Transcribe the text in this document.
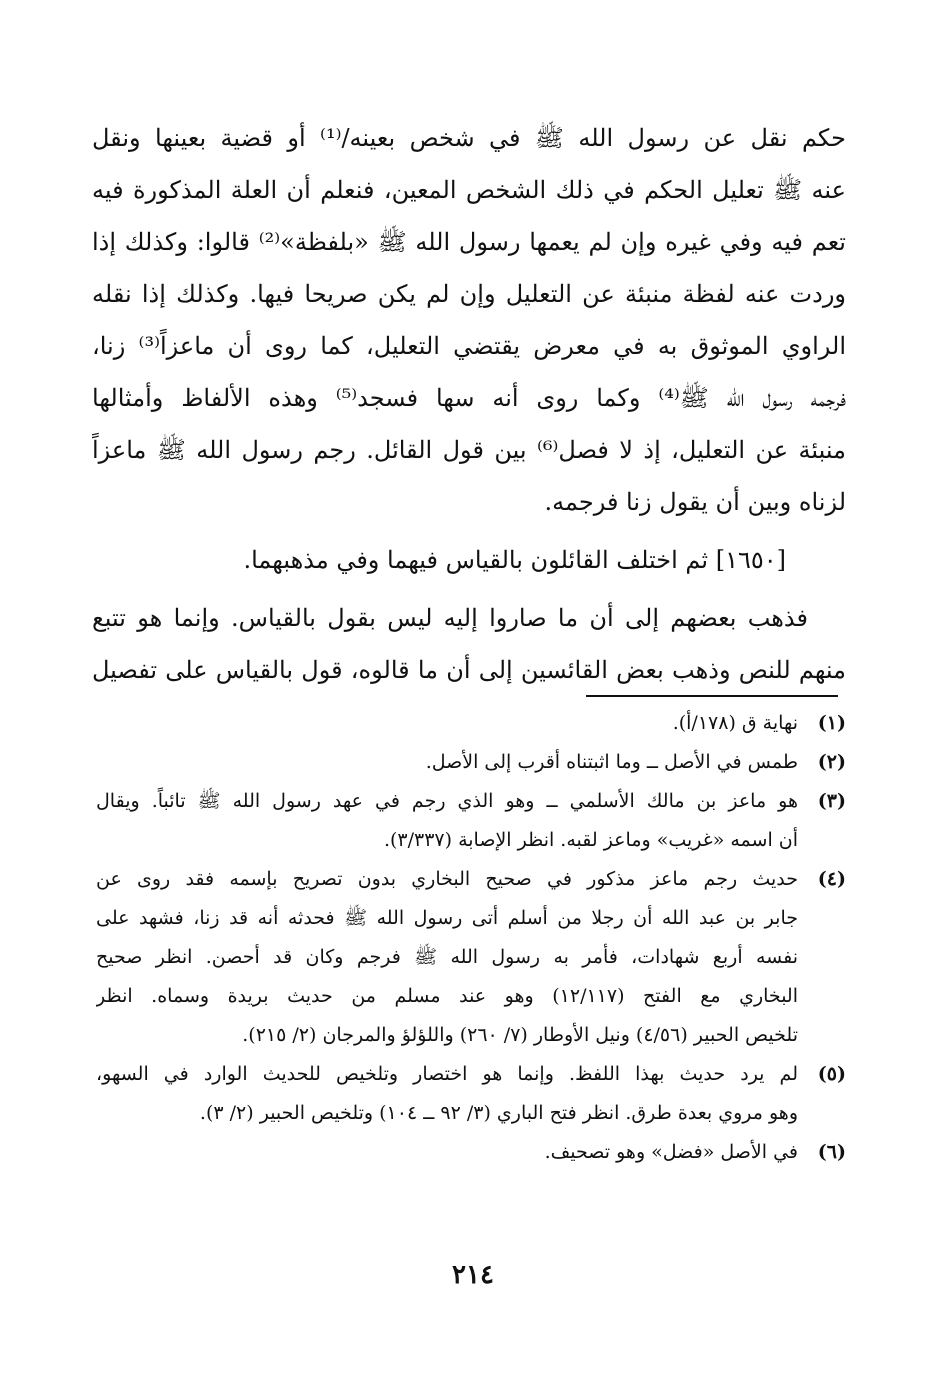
حكم نقل عن رسول الله ﷺ في شخص بعينه/⁽¹⁾ أو قضية بعينها ونقل
عنه ﷺ تعليل الحكم في ذلك الشخص المعين، فنعلم أن العلة المذكورة فيه
تعم فيه وفي غيره وإن لم يعمها رسول الله ﷺ «بلفظة»⁽²⁾ قالوا: وكذلك إذا
وردت عنه لفظة منبئة عن التعليل وإن لم يكن صريحا فيها. وكذلك إذا نقله
الراوي الموثوق به في معرض يقتضي التعليل، كما روى أن ماعزاً⁽³⁾ زنا،
فرجمه رسول الله ﷺ⁽⁴⁾ وكما روى أنه سها فسجد⁽⁵⁾ وهذه الألفاظ وأمثالها
منبئة عن التعليل، إذ لا فصل⁽⁶⁾ بين قول القائل. رجم رسول الله ﷺ ماعزاً
لزناه وبين أن يقول زنا فرجمه.
[١٦٥٠] ثم اختلف القائلون بالقياس فيهما وفي مذهبهما.
فذهب بعضهم إلى أن ما صاروا إليه ليس بقول بالقياس. وإنما هو تتبع
منهم للنص وذهب بعض القائسين إلى أن ما قالوه، قول بالقياس على تفصيل
(١)
نهاية ق (١٧٨/أ).
(٢)
طمس في الأصل ــ وما اثبتناه أقرب إلى الأصل.
(٣)
هو ماعز بن مالك الأسلمي ــ وهو الذي رجم في عهد رسول الله ﷺ تائباً. ويقال
أن اسمه «غريب» وماعز لقبه. انظر الإصابة (٣/٣٣٧).
(٤)
حديث رجم ماعز مذكور في صحيح البخاري بدون تصريح بإسمه فقد روى عن
جابر بن عبد الله أن رجلا من أسلم أتى رسول الله ﷺ فحدثه أنه قد زنا، فشهد على
نفسه أربع شهادات، فأمر به رسول الله ﷺ فرجم وكان قد أحصن. انظر صحيح
البخاري مع الفتح (١٢/١١٧) وهو عند مسلم من حديث بريدة وسماه. انظر
تلخيص الحبير (٤/٥٦) ونيل الأوطار (٧/ ٢٦٠) واللؤلؤ والمرجان (٢/ ٢١٥).
(٥)
لم يرد حديث بهذا اللفظ. وإنما هو اختصار وتلخيص للحديث الوارد في السهو،
وهو مروي بعدة طرق. انظر فتح الباري (٣/ ٩٢ ــ ١٠٤) وتلخيص الحبير (٢/ ٣).
(٦)
في الأصل «فضل» وهو تصحيف.
٢١٤
